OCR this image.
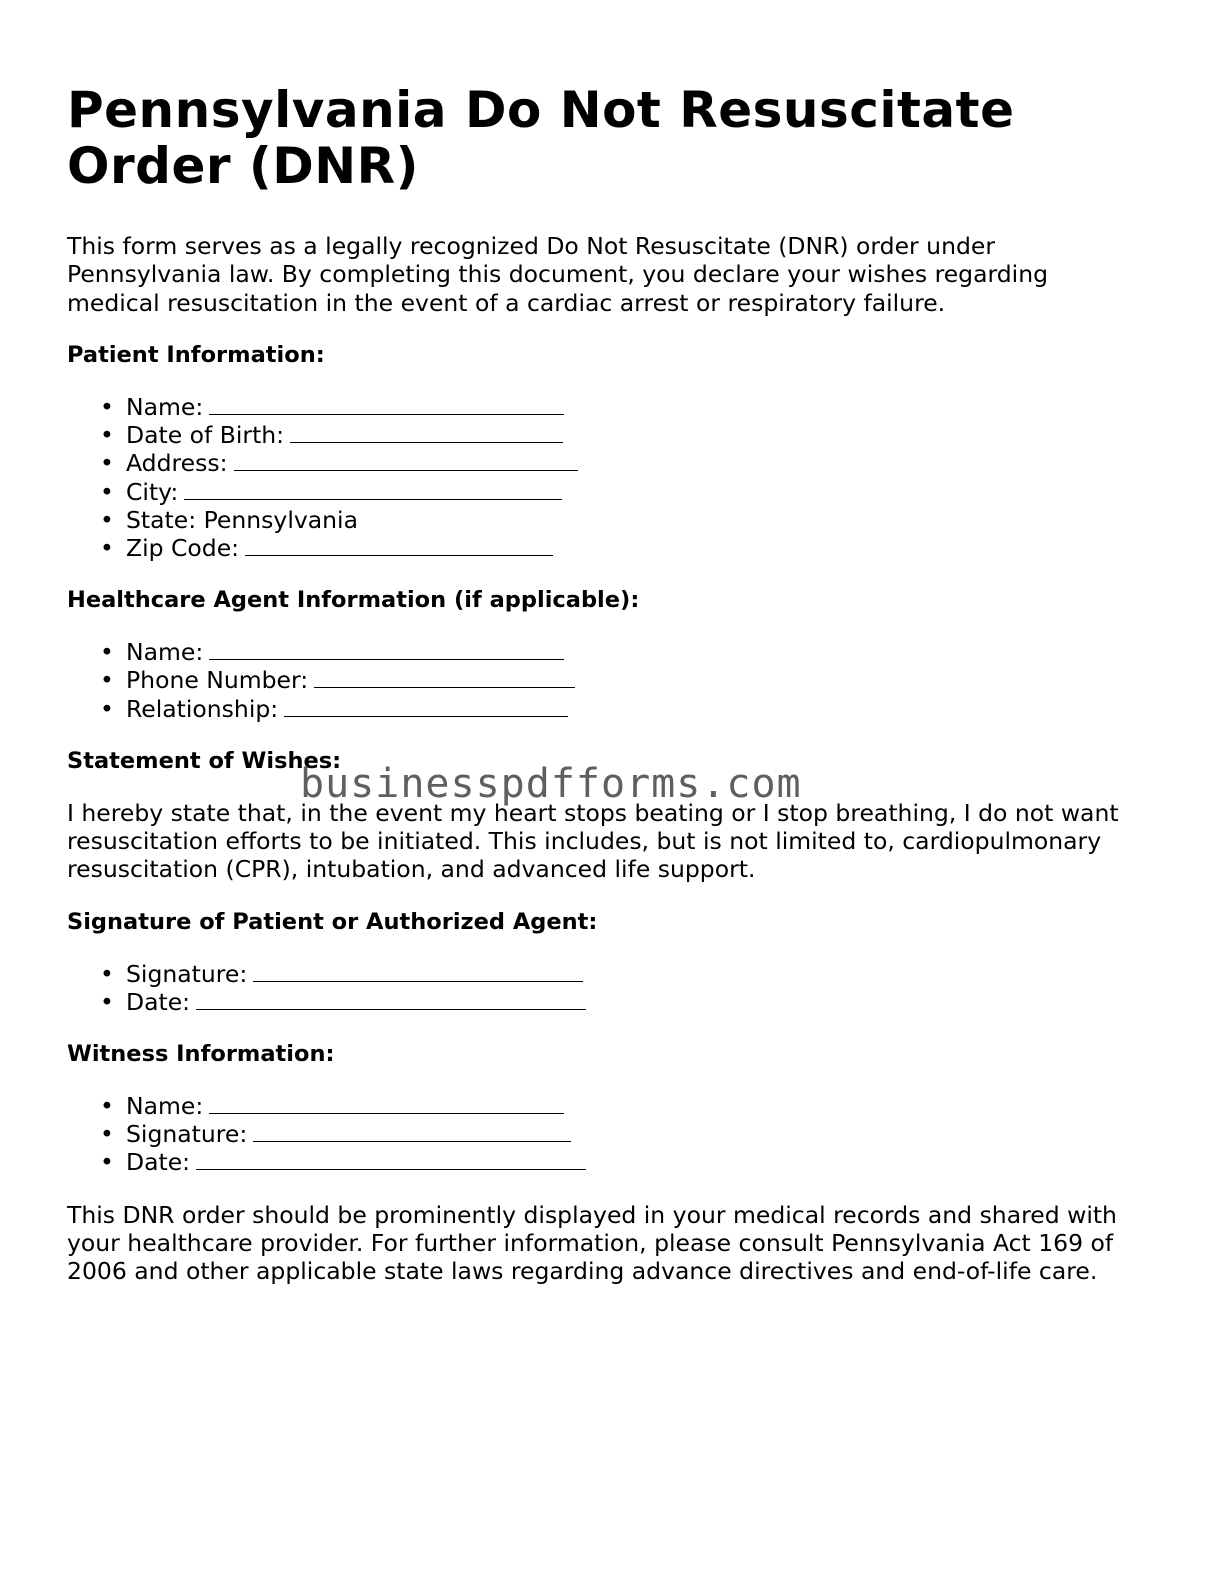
Pennsylvania Do Not Resuscitate Order (DNR)

This form serves as a legally recognized Do Not Resuscitate (DNR) order under Pennsylvania law. By completing this document, you declare your wishes regarding medical resuscitation in the event of a cardiac arrest or respiratory failure.

Patient Information:
• Name:
• Date of Birth:
• Address:
• City:
• State: Pennsylvania
• Zip Code:
Healthcare Agent Information (if applicable):
• Name:
• Phone Number:
• Relationship:
Statement of Wishes:

I hereby state that, in the event my heart stops beating or I stop breathing, I do not want resuscitation efforts to be initiated. This includes, but is not limited to, cardiopulmonary resuscitation (CPR), intubation, and advanced life support.

Signature of Patient or Authorized Agent:
• Signature:
• Date:
Witness Information:
• Name:
• Signature:
• Date:

This DNR order should be prominently displayed in your medical records and shared with your healthcare provider. For further information, please consult Pennsylvania Act 169 of 2006 and other applicable state laws regarding advance directives and end-of-life care.

businesspdfforms.com
